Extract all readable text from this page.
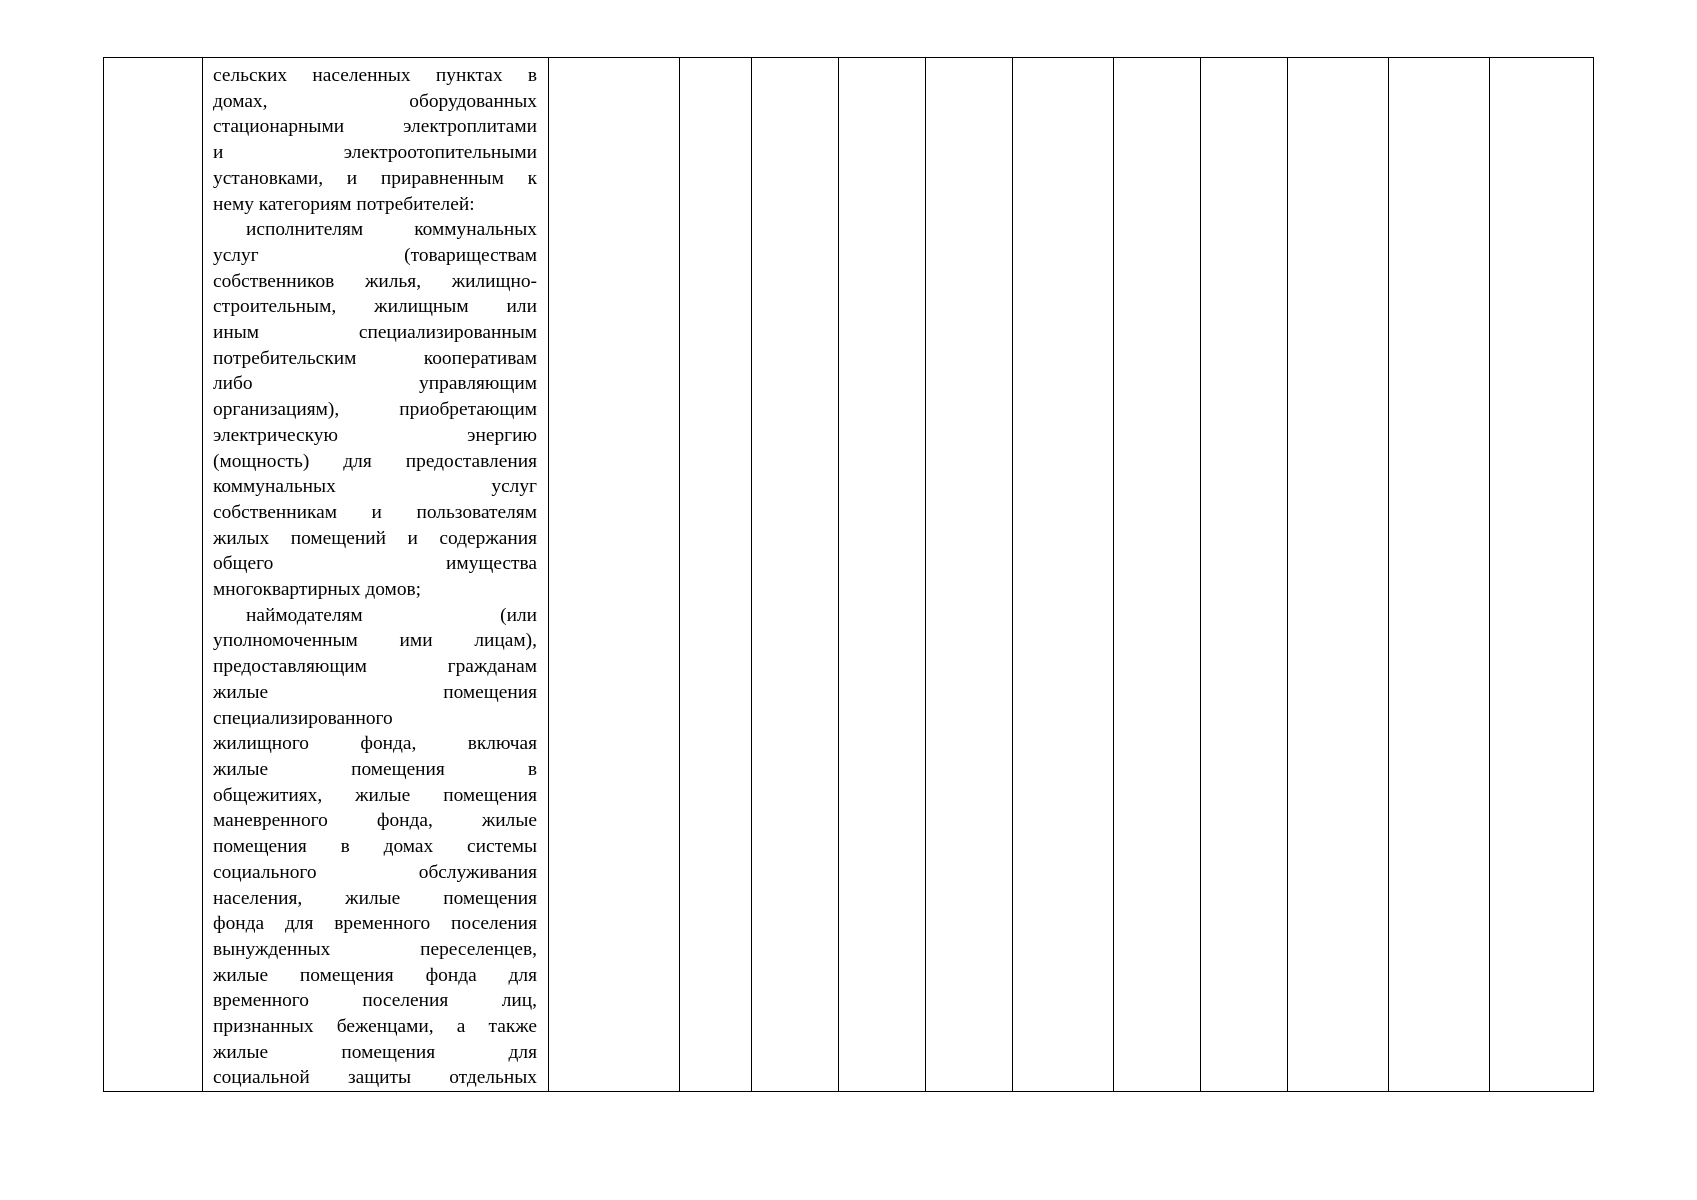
сельских населенных пунктах в
домах, оборудованных
стационарными электроплитами
и электроотопительными
установками, и приравненным к
нему категориям потребителей:
исполнителям коммунальных
услуг (товариществам
собственников жилья, жилищно-
строительным, жилищным или
иным специализированным
потребительским кооперативам
либо управляющим
организациям), приобретающим
электрическую энергию
(мощность) для предоставления
коммунальных услуг
собственникам и пользователям
жилых помещений и содержания
общего имущества
многоквартирных домов;
наймодателям (или
уполномоченным ими лицам),
предоставляющим гражданам
жилые помещения
специализированного
жилищного фонда, включая
жилые помещения в
общежитиях, жилые помещения
маневренного фонда, жилые
помещения в домах системы
социального обслуживания
населения, жилые помещения
фонда для временного поселения
вынужденных переселенцев,
жилые помещения фонда для
временного поселения лиц,
признанных беженцами, а также
жилые помещения для
социальной защиты отдельных
